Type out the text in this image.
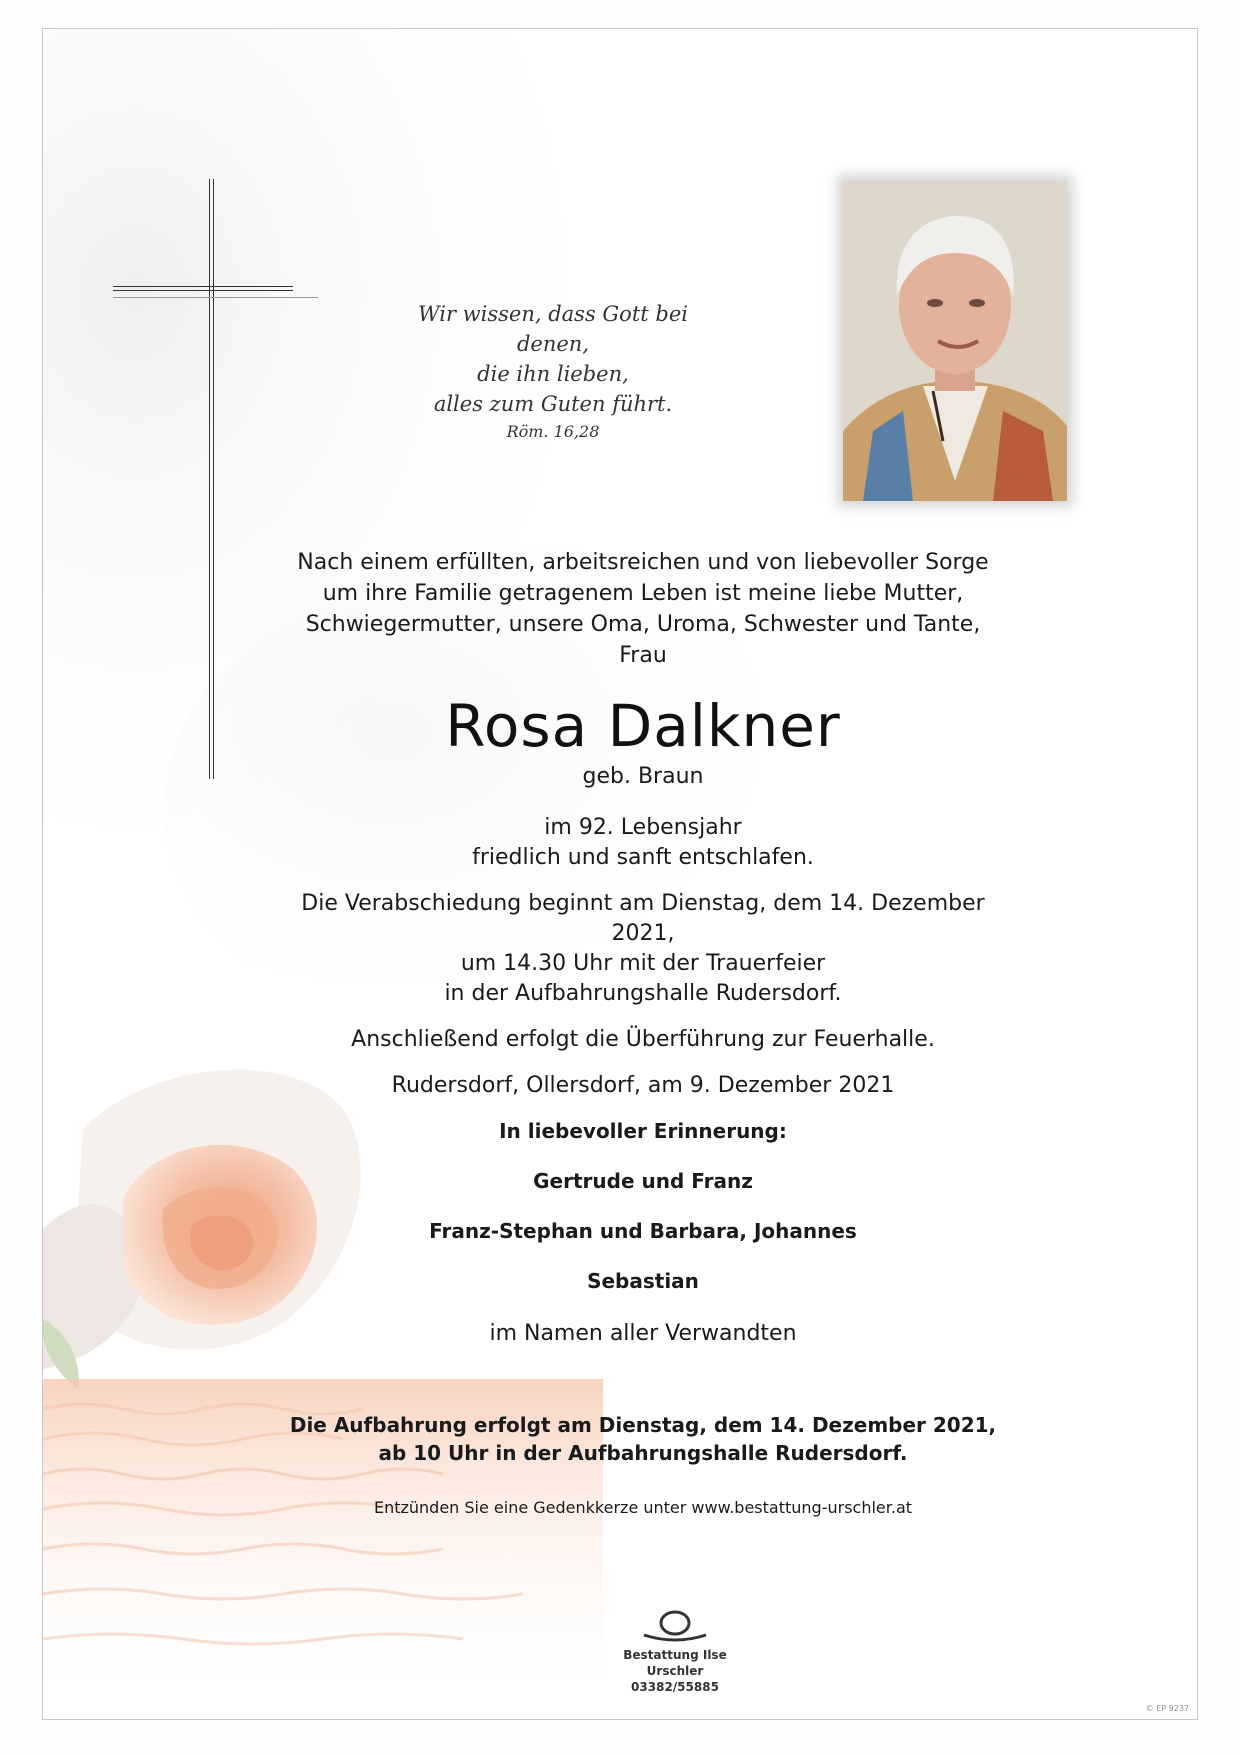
Wir wissen, dass Gott bei denen,
die ihn lieben,
alles zum Guten führt.
Röm. 16,28

Nach einem erfüllten, arbeitsreichen und von liebevoller Sorge

um ihre Familie getragenem Leben ist meine liebe Mutter,

Schwiegermutter, unsere Oma, Uroma, Schwester und Tante,

Frau

Rosa Dalkner
geb. Braun

im 92. Lebensjahr

friedlich und sanft entschlafen.

Die Verabschiedung beginnt am Dienstag, dem 14. Dezember 2021,

um 14.30 Uhr mit der Trauerfeier

in der Aufbahrungshalle Rudersdorf.

Anschließend erfolgt die Überführung zur Feuerhalle.

Rudersdorf, Ollersdorf, am 9. Dezember 2021

In liebevoller Erinnerung:

Gertrude und Franz

Franz-Stephan und Barbara, Johannes

Sebastian

im Namen aller Verwandten

Die Aufbahrung erfolgt am Dienstag, dem 14. Dezember 2021,

ab 10 Uhr in der Aufbahrungshalle Rudersdorf.

Entzünden Sie eine Gedenkkerze unter www.bestattung-urschler.at

Bestattung Ilse Urschler
03382/55885
© EP 9237
